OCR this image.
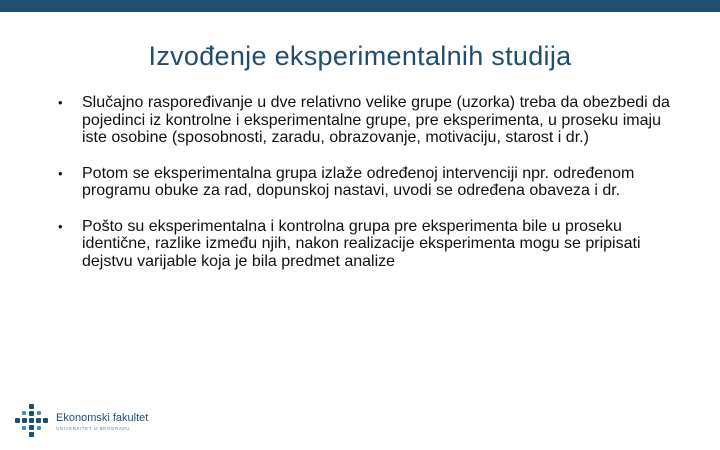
Izvođenje eksperimentalnih studija
•	Slučajno raspoređivanje u dve relativno velike grupe (uzorka) treba da obezbedi da pojedinci iz kontrolne i eksperimentalne grupe, pre eksperimenta, u proseku imaju iste osobine (sposobnosti, zaradu, obrazovanje, motivaciju, starost i dr.)
•	Potom se eksperimentalna grupa izlaže određenoj intervenciji npr. određenom programu obuke za rad, dopunskoj nastavi, uvodi se određena obaveza i dr.
•	Pošto su eksperimentalna i kontrolna grupa pre eksperimenta bile u proseku identične, razlike između njih, nakon realizacije eksperimenta mogu se pripisati dejstvu varijable koja je bila predmet analize
Ekonomski fakultet
UNIVERZITET U BEOGRADU
